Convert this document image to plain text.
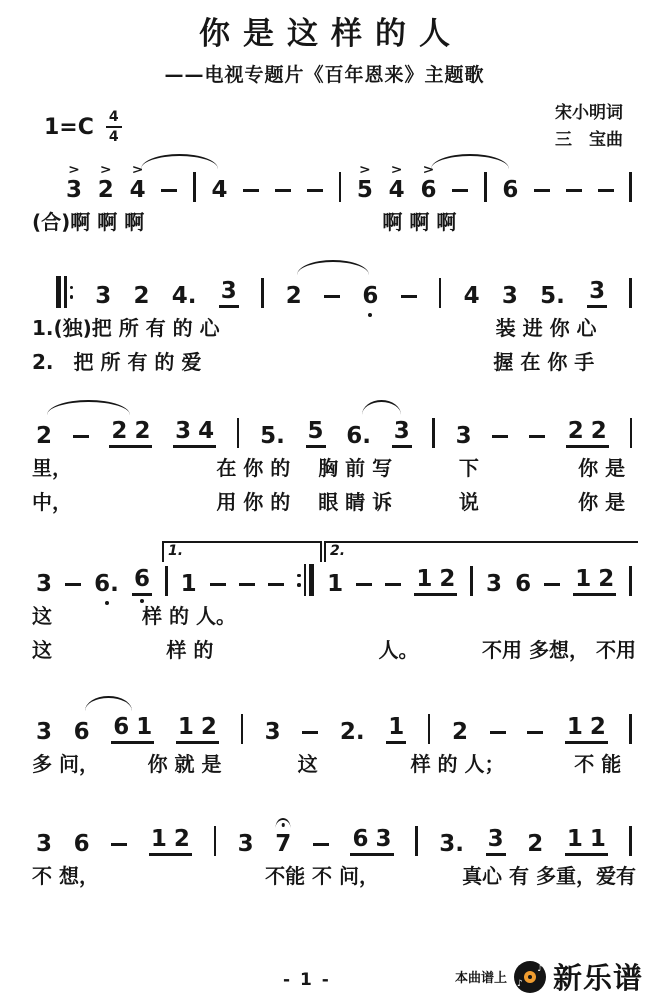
你是这样的人
——电视专题片《百年恩来》主题歌
1=C 4
4
宋小明词
三　宝曲
3
>
2
>
4
>
4	5
>
4
>
6
>
6
(合)啊 啊 啊	啊 啊 啊
3 2 4. 3 2	6	4 3 5. 3
1.(独)把 所 有 的 心	装 进 你 心
2.　把 所 有 的 爱	握 在 你 手
2	2 2 3 4 5. 5 6. 3 3	2 2
里，	在 你 的 胸 前 写	下	你 是
中，	用 你 的 眼 睛 诉	说	你 是
3 6. 6 1	1	1 2 3 6 1 2
1.	2.
这	样 的 人。
这	样 的	人。	不用 多想， 不用
3 6 6 1 1 2 3	2. 1 2	1 2
多 问， 你 就 是	这	样 的 人；	不 能
3 6	1 2 3 7	6 3 3. 3 2 1 1
不 想，	不能 不 问，	真心 有 多重，爱有
- 1 -	本曲谱上
♪
♪ 新乐谱
